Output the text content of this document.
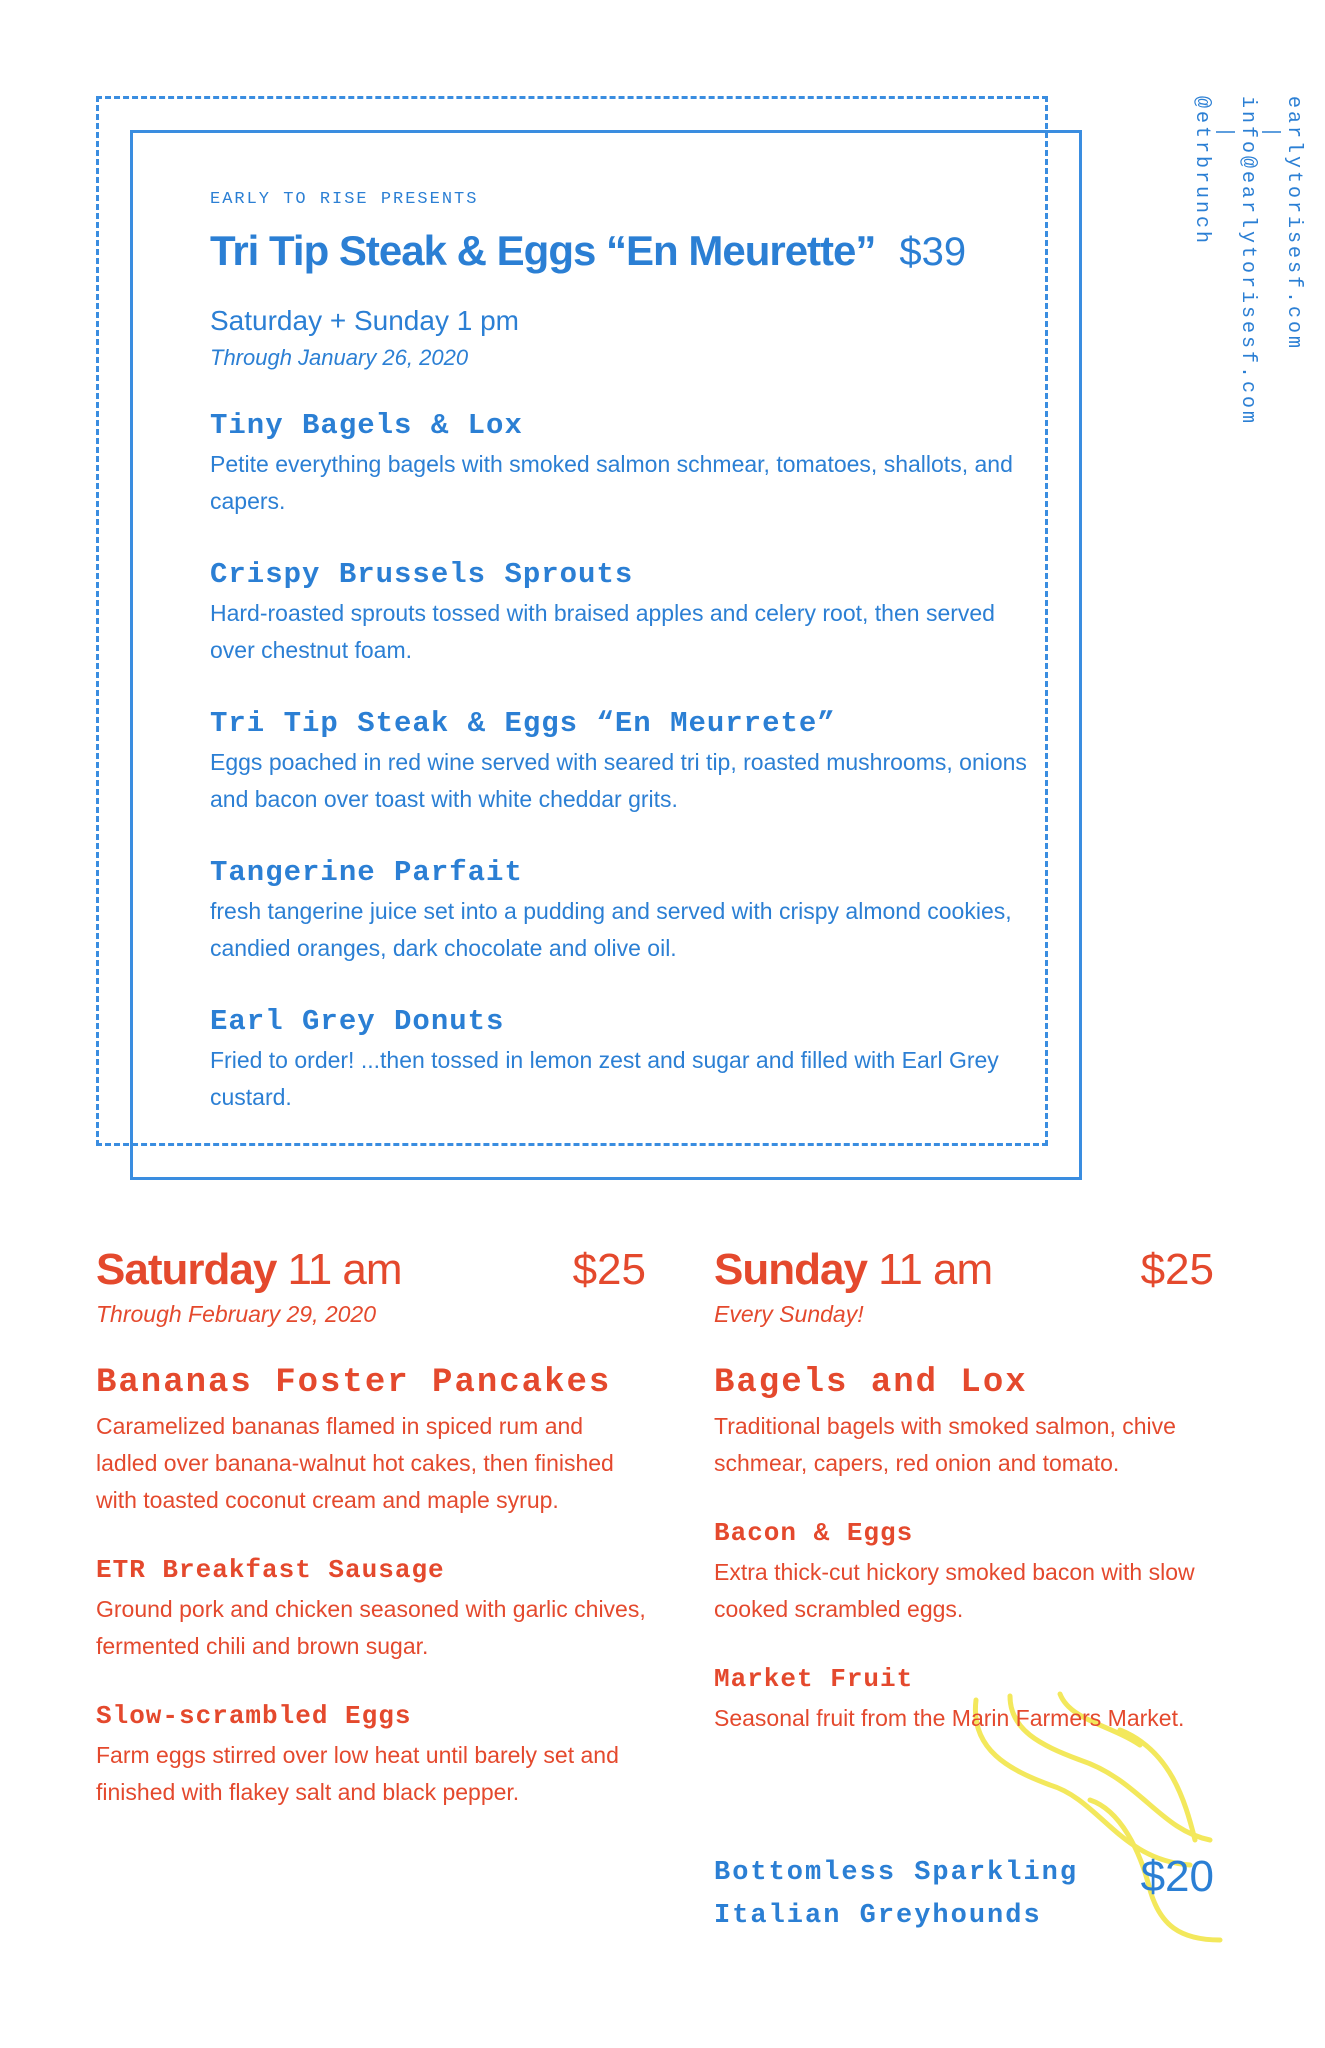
EARLY TO RISE PRESENTS
Tri Tip Steak & Eggs “En Meurette” $39
Saturday + Sunday 1 pm
Through January 26, 2020
Tiny Bagels & Lox
Petite everything bagels with smoked salmon schmear, tomatoes, shallots, and capers.
Crispy Brussels Sprouts
Hard-roasted sprouts tossed with braised apples and celery root, then served over chestnut foam.
Tri Tip Steak & Eggs “En Meurrete”
Eggs poached in red wine served with seared tri tip, roasted mushrooms, onions and bacon over toast with white cheddar grits.
Tangerine Parfait
fresh tangerine juice set into a pudding and served with crispy almond cookies, candied oranges, dark chocolate and olive oil.
Earl Grey Donuts
Fried to order! ...then tossed in lemon zest and sugar and filled with Earl Grey custard.
earlytorisesf.com
|
info@earlytorisesf.com
|
@etrbrunch
Saturday 11 am	$25
Through February 29, 2020
Bananas Foster Pancakes
Caramelized bananas flamed in spiced rum and ladled over banana-walnut hot cakes, then finished with toasted coconut cream and maple syrup.
ETR Breakfast Sausage
Ground pork and chicken seasoned with garlic chives, fermented chili and brown sugar.
Slow-scrambled Eggs
Farm eggs stirred over low heat until barely set and finished with flakey salt and black pepper.
Sunday 11 am	$25
Every Sunday!
Bagels and Lox
Traditional bagels with smoked salmon, chive schmear, capers, red onion and tomato.
Bacon & Eggs
Extra thick-cut hickory smoked bacon with slow cooked scrambled eggs.
Market Fruit
Seasonal fruit from the Marin Farmers Market.
Bottomless Sparkling
Italian Greyhounds
$20
